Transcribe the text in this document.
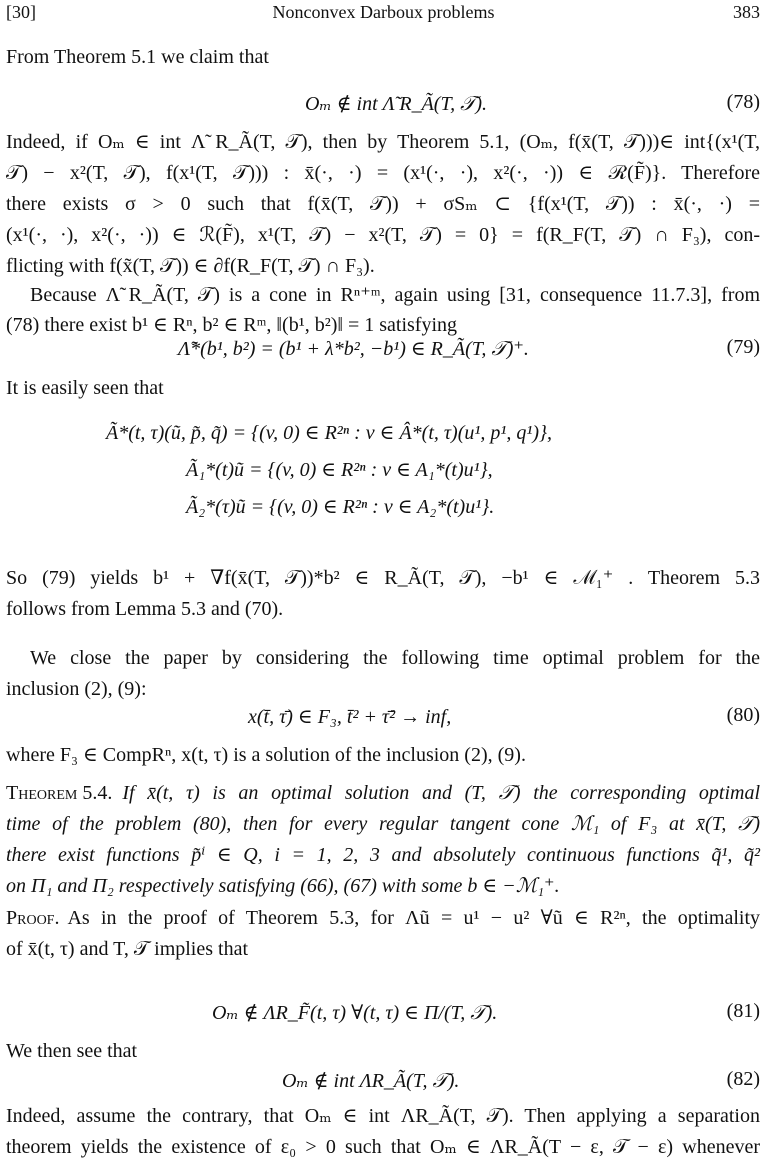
[30]	Nonconvex Darboux problems	383
From Theorem 5.1 we claim that
Oₘ ∉ int Λ̃ R_Ã(T, 𝒯).	(78)
Indeed, if Oₘ ∈ int Λ̃ R_Ã(T, 𝒯), then by Theorem 5.1, (Oₘ, f(x̄(T, 𝒯)))∈ int{(x¹(T,
𝒯) − x²(T, 𝒯), f(x¹(T, 𝒯))) : x̄(·, ·) = (x¹(·, ·), x²(·, ·)) ∈ ℛ(F̃)}. Therefore
there exists σ > 0 such that f(x̄(T, 𝒯)) + σSₘ ⊂ {f(x¹(T, 𝒯)) : x̄(·, ·) =
(x¹(·, ·), x²(·, ·)) ∈ ℛ(F̃), x¹(T, 𝒯) − x²(T, 𝒯) = 0} = f(R_F(T, 𝒯) ∩ F₃), con-
flicting with f(x̃(T, 𝒯)) ∈ ∂f(R_F(T, 𝒯) ∩ F₃).
Because Λ̃ R_Ã(T, 𝒯) is a cone in Rⁿ⁺ᵐ, again using [31, consequence 11.7.3], from
(78) there exist b¹ ∈ Rⁿ, b² ∈ Rᵐ, ‖(b¹, b²)‖ = 1 satisfying
Λ̃*(b¹, b²) = (b¹ + λ*b², −b¹) ∈ R_Ã(T, 𝒯)⁺.	(79)
It is easily seen that
Ã*(t, τ)(ũ, p̃, q̃) = {(v, 0) ∈ R²ⁿ : v ∈ Â*(t, τ)(u¹, p¹, q¹)},
Ã₁*(t)ũ = {(v, 0) ∈ R²ⁿ : v ∈ A₁*(t)u¹},
Ã₂*(τ)ũ = {(v, 0) ∈ R²ⁿ : v ∈ A₂*(t)u¹}.
So (79) yields b¹ + ∇f(x̄(T, 𝒯))*b² ∈ R_Ã(T, 𝒯), −b¹ ∈ ℳ₁⁺ . Theorem 5.3
follows from Lemma 5.3 and (70).
We close the paper by considering the following time optimal problem for the
inclusion (2), (9):
x(t̄, τ̄) ∈ F₃, t̄² + τ̄² → inf,	(80)
where F₃ ∈ CompRⁿ, x(t, τ) is a solution of the inclusion (2), (9).
Theorem 5.4. If x̄(t, τ) is an optimal solution and (T, 𝒯) the corresponding optimal
time of the problem (80), then for every regular tangent cone ℳ₁ of F₃ at x̄(T, 𝒯)
there exist functions p̃ⁱ ∈ Q, i = 1, 2, 3 and absolutely continuous functions q̃¹, q̃²
on Π₁ and Π₂ respectively satisfying (66), (67) with some b ∈ −ℳ₁⁺.
Proof. As in the proof of Theorem 5.3, for Λũ = u¹ − u² ∀ũ ∈ R²ⁿ, the optimality
of x̄(t, τ) and T, 𝒯 implies that
Oₘ ∉ ΛR_F̃(t, τ) ∀(t, τ) ∈ Π/(T, 𝒯).	(81)
We then see that
Oₘ ∉ int ΛR_Ã(T, 𝒯).	(82)
Indeed, assume the contrary, that Oₘ ∈ int ΛR_Ã(T, 𝒯). Then applying a separation
theorem yields the existence of ε₀ > 0 such that Oₘ ∈ ΛR_Ã(T − ε, 𝒯 − ε) whenever
